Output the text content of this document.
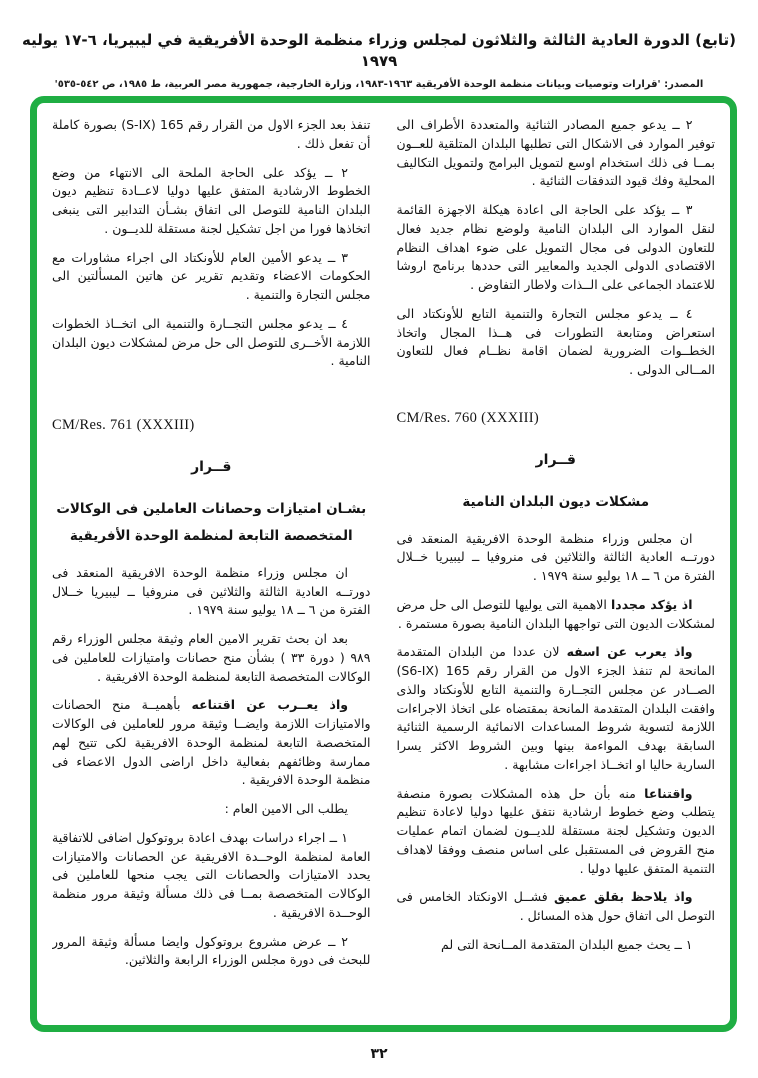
(تابع) الدورة العادية الثالثة والثلاثون لمجلس وزراء منظمة الوحدة الأفريقية في ليبيريا، ٦-١٧ يوليه ١٩٧٩
المصدر: 'قرارات وتوصيات وبيانات منظمة الوحدة الأفريقية ١٩٦٣-١٩٨٣، وزارة الخارجية، جمهورية مصر العربية، ط ١٩٨٥، ص ٥٤٢-٥٣٥'

٢ ــ يدعو جميع المصادر الثنائية والمتعددة الأطراف الى توفير الموارد فى الاشكال التى تطلبها البلدان المتلقية للعــون بمــا فى ذلك استخدام اوسع لتمويل البرامج ولتمويل التكاليف المحلية وفك قيود التدفقات الثنائية .

٣ ــ يؤكد على الحاجة الى اعادة هيكلة الاجهزة القائمة لنقل الموارد الى البلدان النامية ولوضع نظام جديد فعال للتعاون الدولى فى مجال التمويل على ضوء اهداف النظام الاقتصادى الدولى الجديد والمعايير التى حددها برنامج اروشا للاعتماد الجماعى على الــذات ولاطار التفاوض .

٤ ــ يدعو مجلس التجارة والتنمية التابع للأونكتاد الى استعراض ومتابعة التطورات فى هــذا المجال واتخاذ الخطــوات الضرورية لضمان اقامة نظــام فعال للتعاون المــالى الدولى .

CM/Res. 760 (XXXIII)

قــرار

مشكلات ديون البلدان النامية

ان مجلس وزراء منظمة الوحدة الافريقية المنعقد فى دورتــه العادية الثالثة والثلاثين فى منروفيا ــ ليبيريا خــلال الفترة من ٦ ــ ١٨ يوليو سنة ١٩٧٩ .

اذ يؤكد مجددا الاهمية التى يوليها للتوصل الى حل مرض لمشكلات الديون التى تواجهها البلدان النامية بصورة مستمرة .

واذ يعرب عن اسفه لان عددا من البلدان المتقدمة المانحة لم تنفذ الجزء الاول من القرار رقم 165 (S6-IX) الصــادر عن مجلس التجــارة والتنمية التابع للأونكتاد والذى وافقت البلدان المتقدمة المانحة بمقتضاه على اتخاذ الاجراءات اللازمة لتسوية شروط المساعدات الانمائية الرسمية الثنائية السابقة بهدف المواءمة بينها وبين الشروط الاكثر يسرا السارية حاليا او اتخــاذ اجراءات مشابهة .

واقتناعا منه بأن حل هذه المشكلات بصورة منصفة يتطلب وضع خطوط ارشادية نتفق عليها دوليا لاعادة تنظيم الديون وتشكيل لجنة مستقلة للديــون لضمان اتمام عمليات منح القروض فى المستقبل على اساس منصف ووفقا لاهداف التنمية المتفق عليها دوليا .

واذ يلاحظ بقلق عميق فشــل الاونكتاد الخامس فى التوصل الى اتفاق حول هذه المسائل .

١ ــ يحث جميع البلدان المتقدمة المــانحة التى لم

تنفذ بعد الجزء الاول من القرار رقم 165 (S-IX) بصورة كاملة أن تفعل ذلك .

٢ ــ يؤكد على الحاجة الملحة الى الانتهاء من وضع الخطوط الارشادية المتفق عليها دوليا لاعــادة تنظيم ديون البلدان النامية للتوصل الى اتفاق بشـأن التدابير التى ينبغى اتخاذها فورا من اجل تشكيل لجنة مستقلة للديــون .

٣ ــ يدعو الأمين العام للأونكتاد الى اجراء مشاورات مع الحكومات الاعضاء وتقديم تقرير عن هاتين المسألتين الى مجلس التجارة والتنمية .

٤ ــ يدعو مجلس التجــارة والتنمية الى اتخــاذ الخطوات اللازمة الأخــرى للتوصل الى حل مرض لمشكلات ديون البلدان النامية .

CM/Res. 761 (XXXIII)

قــرار

بشـان امتيازات وحصانات العاملين فى الوكالات المتخصصة التابعة لمنظمة الوحدة الأفريقية

ان مجلس وزراء منظمة الوحدة الافريقية المنعقد فى دورتــه العادية الثالثة والثلاثين فى منروفيا ــ ليبيريا خــلال الفترة من ٦ ــ ١٨ يوليو سنة ١٩٧٩ .

بعد ان بحث تقرير الامين العام وثيقة مجلس الوزراء رقم ٩٨٩ ( دورة ٣٣ ) بشأن منح حصانات وامتيازات للعاملين فى الوكالات المتخصصة التابعة لمنظمة الوحدة الافريقية .

واذ يعــرب عن اقتناعه بأهميــة منح الحصانات والامتيازات اللازمة وايضــا وثيقة مرور للعاملين فى الوكالات المتخصصة التابعة لمنظمة الوحدة الافريقية لكى تتيح لهم ممارسة وظائفهم بفعالية داخل اراضى الدول الاعضاء فى منظمة الوحدة الافريقية .

يطلب الى الامين العام :

١ ــ اجراء دراسات بهدف اعادة بروتوكول اضافى للاتفاقية العامة لمنظمة الوحــدة الافريقية عن الحصانات والامتيازات يحدد الامتيازات والحصانات التى يجب منحها للعاملين فى الوكالات المتخصصة بمــا فى ذلك مسألة وثيقة مرور منظمة الوحــدة الافريقية .

٢ ــ عرض مشروع بروتوكول وايضا مسألة وثيقة المرور للبحث فى دورة مجلس الوزراء الرابعة والثلاثين.

٣٢
